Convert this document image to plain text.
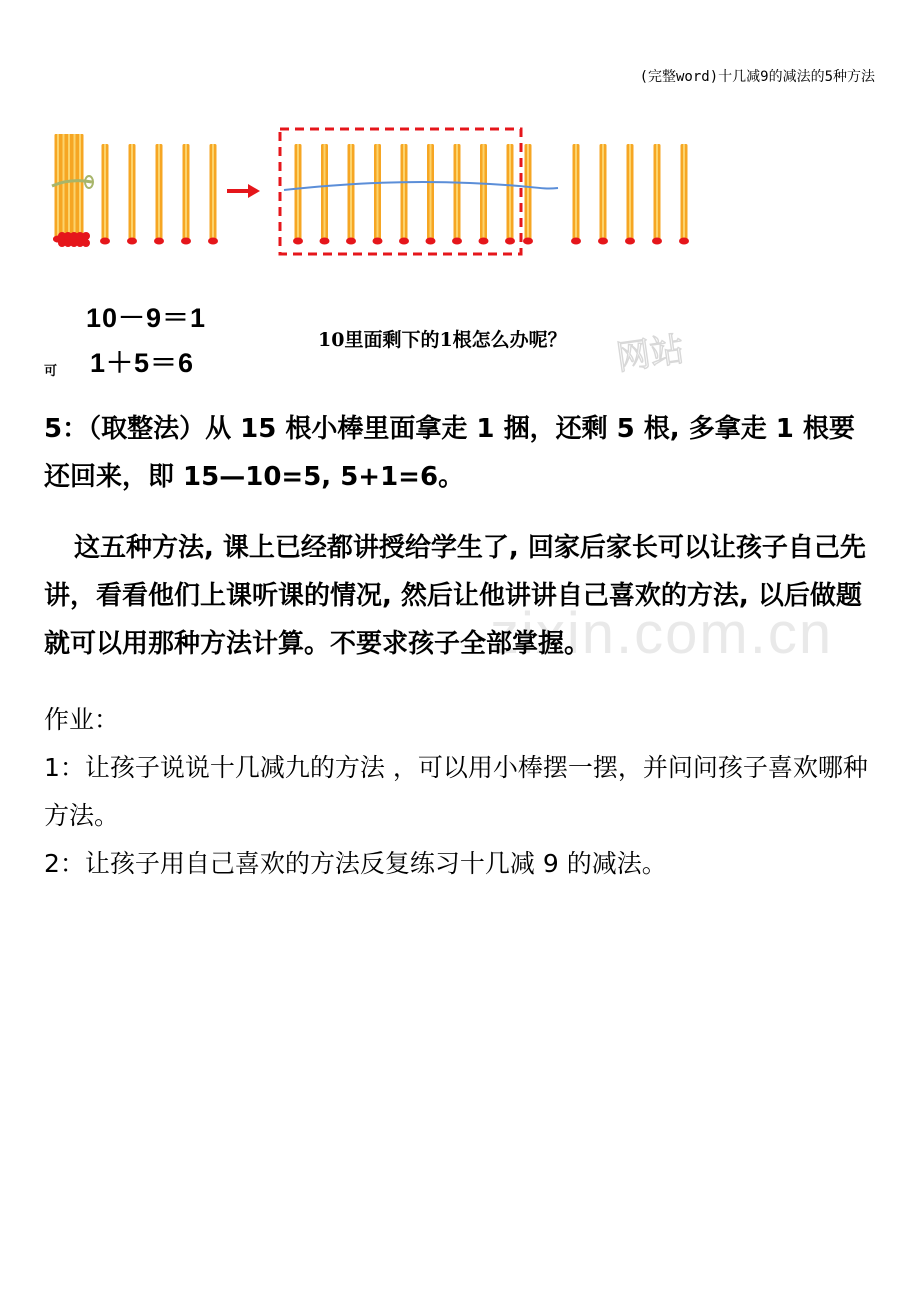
(完整word)十几减9的减法的5种方法
10－9＝1
1＋5＝6
可
10里面剩下的1根怎么办呢？ 网站
zixin.com.cn
5：（取整法）从 15 根小棒里面拿走 1 捆，还剩 5 根, 多拿走 1 根要还回来，即 15—10=5, 5+1=6。
这五种方法, 课上已经都讲授给学生了, 回家后家长可以让孩子自己先讲，看看他们上课听课的情况, 然后让他讲讲自己喜欢的方法, 以后做题就可以用那种方法计算。不要求孩子全部掌握。
作业：
1：让孩子说说十几减九的方法 ，可以用小棒摆一摆，并问问孩子喜欢哪种方法。
2：让孩子用自己喜欢的方法反复练习十几减 9 的减法。
